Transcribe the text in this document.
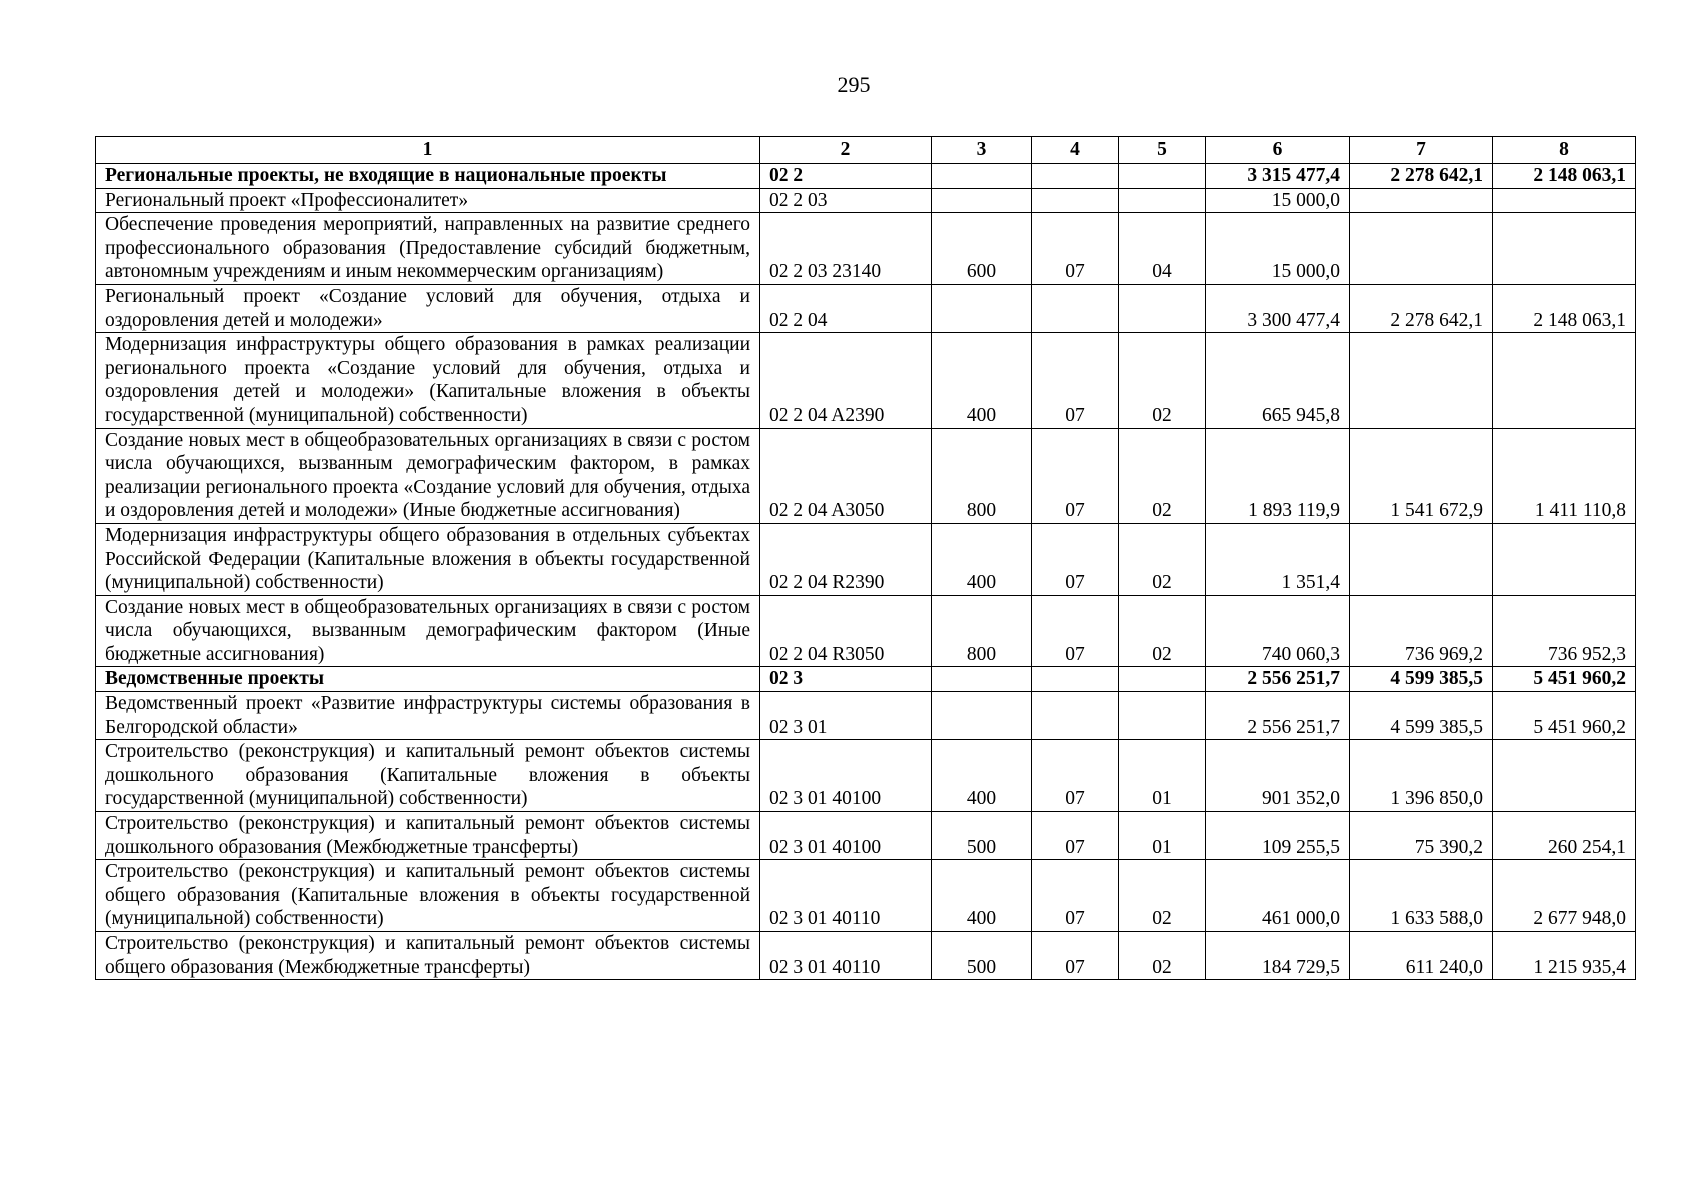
295
1	2	3	4	5	6	7	8
Региональные проекты, не входящие в национальные проекты	02 2				3 315 477,4	2 278 642,1	2 148 063,1
Региональный проект «Профессионалитет»	02 2 03				15 000,0		
Обеспечение проведения мероприятий, направленных на развитие среднего профессионального образования (Предоставление субсидий бюджетным, автономным учреждениям и иным некоммерческим организациям)	02 2 03 23140	600	07	04	15 000,0		
Региональный проект «Создание условий для обучения, отдыха и оздоровления детей и молодежи»	02 2 04				3 300 477,4	2 278 642,1	2 148 063,1
Модернизация инфраструктуры общего образования в рамках реализации регионального проекта «Создание условий для обучения, отдыха и оздоровления детей и молодежи» (Капитальные вложения в объекты государственной (муниципальной) собственности)	02 2 04 A2390	400	07	02	665 945,8		
Создание новых мест в общеобразовательных организациях в связи с ростом числа обучающихся, вызванным демографическим фактором, в рамках реализации регионального проекта «Создание условий для обучения, отдыха и оздоровления детей и молодежи» (Иные бюджетные ассигнования)	02 2 04 A3050	800	07	02	1 893 119,9	1 541 672,9	1 411 110,8
Модернизация инфраструктуры общего образования в отдельных субъектах Российской Федерации (Капитальные вложения в объекты государственной (муниципальной) собственности)	02 2 04 R2390	400	07	02	1 351,4		
Создание новых мест в общеобразовательных организациях в связи с ростом числа обучающихся, вызванным демографическим фактором (Иные бюджетные ассигнования)	02 2 04 R3050	800	07	02	740 060,3	736 969,2	736 952,3
Ведомственные проекты	02 3				2 556 251,7	4 599 385,5	5 451 960,2
Ведомственный проект «Развитие инфраструктуры системы образования в Белгородской области»	02 3 01				2 556 251,7	4 599 385,5	5 451 960,2
Строительство (реконструкция) и капитальный ремонт объектов системы дошкольного образования (Капитальные вложения в объекты государственной (муниципальной) собственности)	02 3 01 40100	400	07	01	901 352,0	1 396 850,0	
Строительство (реконструкция) и капитальный ремонт объектов системы дошкольного образования (Межбюджетные трансферты)	02 3 01 40100	500	07	01	109 255,5	75 390,2	260 254,1
Строительство (реконструкция) и капитальный ремонт объектов системы общего образования (Капитальные вложения в объекты государственной (муниципальной) собственности)	02 3 01 40110	400	07	02	461 000,0	1 633 588,0	2 677 948,0
Строительство (реконструкция) и капитальный ремонт объектов системы общего образования (Межбюджетные трансферты)	02 3 01 40110	500	07	02	184 729,5	611 240,0	1 215 935,4
